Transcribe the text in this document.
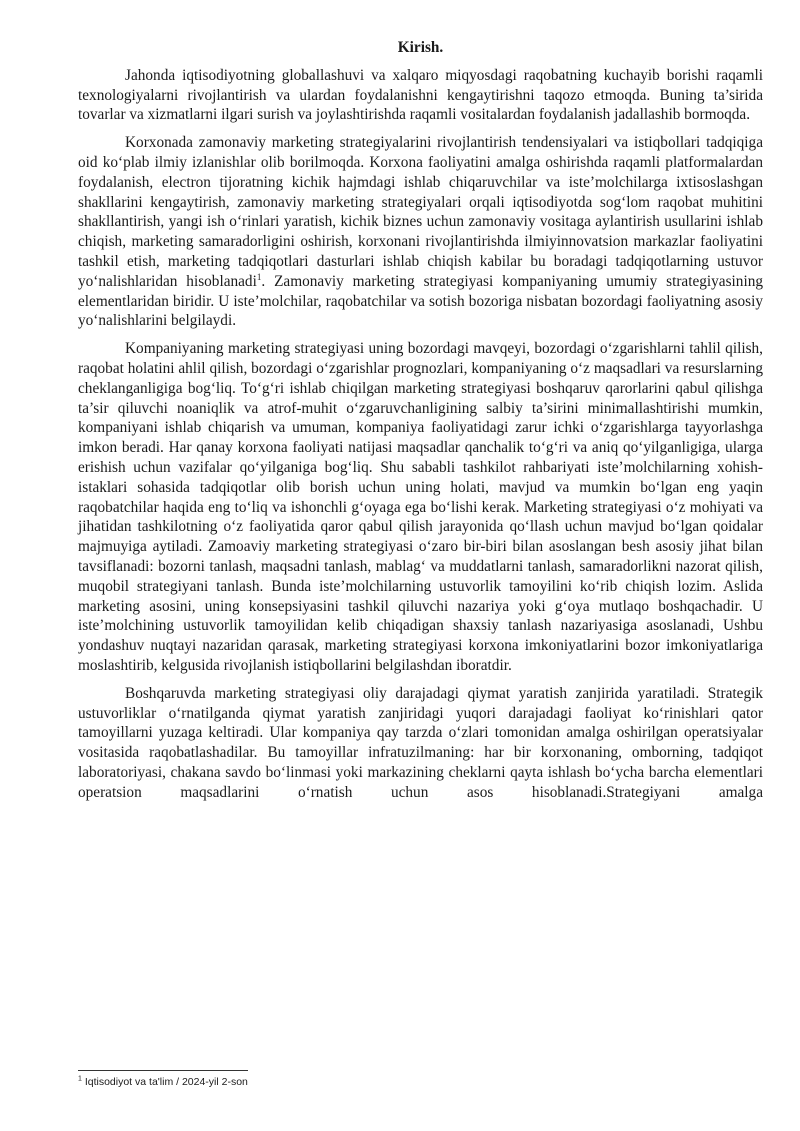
Kirish.

Jahonda iqtisodiyotning globallashuvi va xalqaro miqyosdagi raqobatning kuchayib borishi raqamli texnologiyalarni rivojlantirish va ulardan foydalanishni kengaytirishni taqozo etmoqda. Buning ta’sirida tovarlar va xizmatlarni ilgari surish va joylashtirishda raqamli vositalardan foydalanish jadallashib bormoqda.

Korxonada zamonaviy marketing strategiyalarini rivojlantirish tendensiyalari va istiqbollari tadqiqiga oid ko‘plab ilmiy izlanishlar olib borilmoqda. Korxona faoliyatini amalga oshirishda raqamli platformalardan foydalanish, electron tijoratning kichik hajmdagi ishlab chiqaruvchilar va iste’molchilarga ixtisoslashgan shakllarini kengaytirish, zamonaviy marketing strategiyalari orqali iqtisodiyotda sog‘lom raqobat muhitini shakllantirish, yangi ish o‘rinlari yaratish, kichik biznes uchun zamonaviy vositaga aylantirish usullarini ishlab chiqish, marketing samaradorligini oshirish, korxonani rivojlantirishda ilmiyinnovatsion markazlar faoliyatini tashkil etish, marketing tadqiqotlari dasturlari ishlab chiqish kabilar bu boradagi tadqiqotlarning ustuvor yo‘nalishlaridan hisoblanadi$^1$. Zamonaviy marketing strategiyasi kompaniyaning umumiy strategiyasining elementlaridan biridir. U iste’molchilar, raqobatchilar va sotish bozoriga nisbatan bozordagi faoliyatning asosiy yo‘nalishlarini belgilaydi.

Kompaniyaning marketing strategiyasi uning bozordagi mavqeyi, bozordagi o‘zgarishlarni tahlil qilish, raqobat holatini ahlil qilish, bozordagi o‘zgarishlar prognozlari, kompaniyaning o‘z maqsadlari va resurslarning cheklanganligiga bog‘liq. To‘g‘ri ishlab chiqilgan marketing strategiyasi boshqaruv qarorlarini qabul qilishga ta’sir qiluvchi noaniqlik va atrof-muhit o‘zgaruvchanligining salbiy ta’sirini minimallashtirishi mumkin, kompaniyani ishlab chiqarish va umuman, kompaniya faoliyatidagi zarur ichki o‘zgarishlarga tayyorlashga imkon beradi. Har qanay korxona faoliyati natijasi maqsadlar qanchalik to‘g‘ri va aniq qo‘yilganligiga, ularga erishish uchun vazifalar qo‘yilganiga bog‘liq. Shu sababli tashkilot rahbariyati iste’molchilarning xohish-istaklari sohasida tadqiqotlar olib borish uchun uning holati, mavjud va mumkin bo‘lgan eng yaqin raqobatchilar haqida eng to‘liq va ishonchli g‘oyaga ega bo‘lishi kerak. Marketing strategiyasi o‘z mohiyati va jihatidan tashkilotning o‘z faoliyatida qaror qabul qilish jarayonida qo‘llash uchun mavjud bo‘lgan qoidalar majmuyiga aytiladi. Zamoaviy marketing strategiyasi o‘zaro bir-biri bilan asoslangan besh asosiy jihat bilan tavsiflanadi: bozorni tanlash, maqsadni tanlash, mablag‘ va muddatlarni tanlash, samaradorlikni nazorat qilish, muqobil strategiyani tanlash. Bunda iste’molchilarning ustuvorlik tamoyilini ko‘rib chiqish lozim. Aslida marketing asosini, uning konsepsiyasini tashkil qiluvchi nazariya yoki g‘oya mutlaqo boshqachadir. U iste’molchining ustuvorlik tamoyilidan kelib chiqadigan shaxsiy tanlash nazariyasiga asoslanadi, Ushbu yondashuv nuqtayi nazaridan qarasak, marketing strategiyasi korxona imkoniyatlarini bozor imkoniyatlariga moslashtirib, kelgusida rivojlanish istiqbollarini belgilashdan iboratdir.

Boshqaruvda marketing strategiyasi oliy darajadagi qiymat yaratish zanjirida yaratiladi. Strategik ustuvorliklar o‘rnatilganda qiymat yaratish zanjiridagi yuqori darajadagi faoliyat ko‘rinishlari qator tamoyillarni yuzaga keltiradi. Ular kompaniya qay tarzda o‘zlari tomonidan amalga oshirilgan operatsiyalar vositasida raqobatlashadilar. Bu tamoyillar infratuzilmaning: har bir korxonaning, omborning, tadqiqot laboratoriyasi, chakana savdo bo‘linmasi yoki markazining cheklarni qayta ishlash bo‘ycha barcha elementlari operatsion maqsadlarini o‘rnatish uchun asos hisoblanadi.Strategiyani amalga

$^1$ Iqtisodiyot va ta'lim / 2024-yil 2-son
